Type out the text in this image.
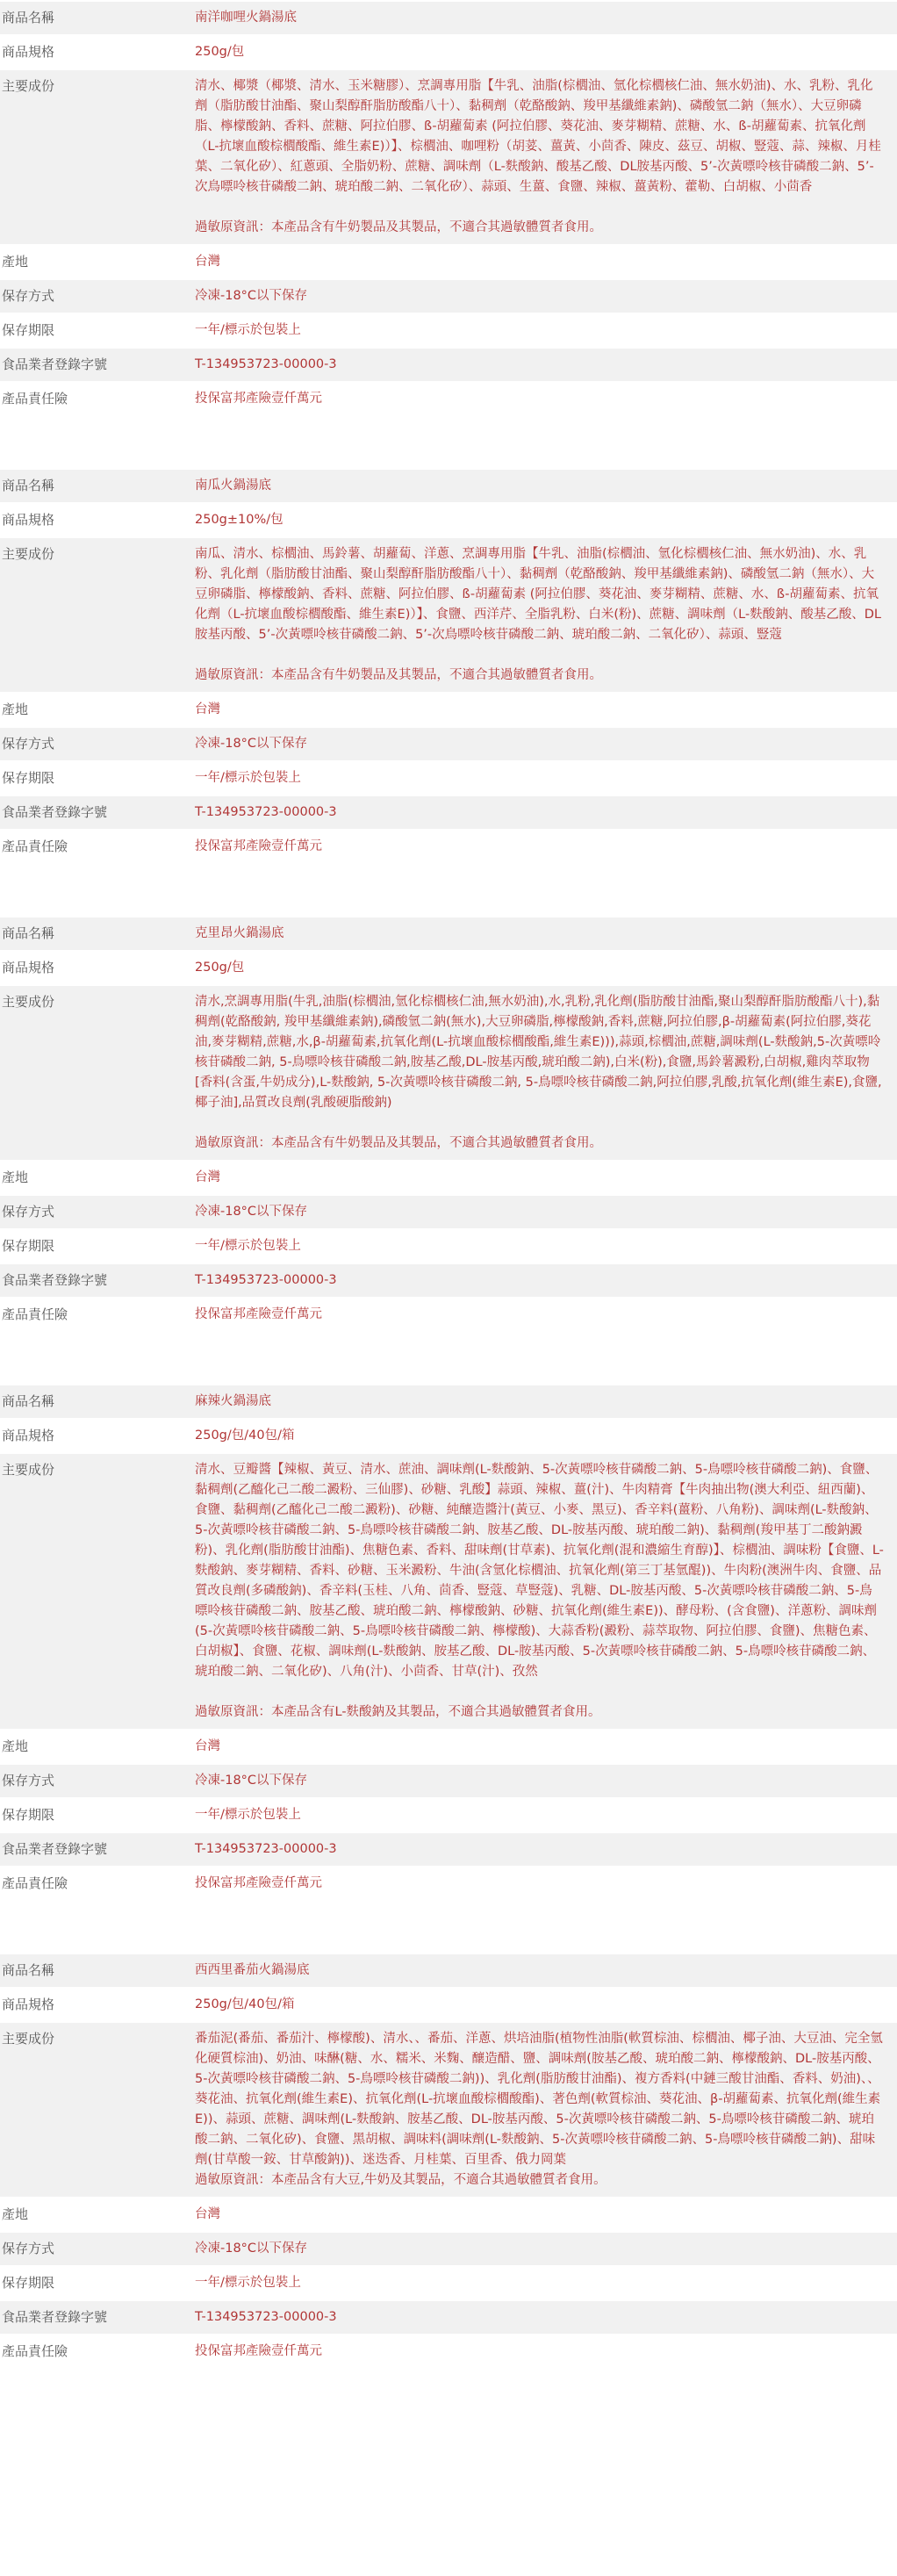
商品名稱	南洋咖哩火鍋湯底
商品規格	250g/包
主要成份	清水、椰漿（椰漿、清水、玉米糖膠）、烹調專用脂【牛乳、油脂(棕櫚油、氫化棕櫚核仁油、無水奶油)、水、乳粉、乳化劑（脂肪酸甘油酯、聚山梨醇酐脂肪酸酯八十）、黏稠劑（乾酪酸鈉、羧甲基纖維素鈉)、磷酸氫二鈉（無水）、大豆卵磷脂、檸檬酸鈉、香料、蔗糖、阿拉伯膠、ß-胡蘿蔔素 (阿拉伯膠、葵花油、麥芽糊精、蔗糖、水、ß-胡蘿蔔素、抗氧化劑（L-抗壞血酸棕櫚酸酯、維生素E)）】、棕櫚油、咖哩粉（胡荽、薑黃、小茴香、陳皮、茲豆、胡椒、豎蔻、蒜、辣椒、月桂葉、二氧化矽）、紅蔥頭、全脂奶粉、蔗糖、調味劑（L-麩酸鈉、酸基乙酸、DL胺基丙酸、5’-次黃嘌呤核苷磷酸二鈉、5’-次鳥嘌呤核苷磷酸二鈉、琥珀酸二鈉、二氧化矽）、蒜頭、生薑、食鹽、辣椒、薑黃粉、藿勒、白胡椒、小茴香

過敏原資訊：本產品含有牛奶製品及其製品，不適合其過敏體質者食用。

產地	台灣
保存方式	冷凍-18°C以下保存
保存期限	一年/標示於包裝上
食品業者登錄字號	T-134953723-00000-3
產品責任險	投保富邦產險壹仟萬元
商品名稱	南瓜火鍋湯底
商品規格	250g±10%/包
主要成份	南瓜、清水、棕櫚油、馬鈴薯、胡蘿蔔、洋蔥、烹調專用脂【牛乳、油脂(棕櫚油、氫化棕櫚核仁油、無水奶油)、水、乳粉、乳化劑（脂肪酸甘油酯、聚山梨醇酐脂肪酸酯八十）、黏稠劑（乾酪酸鈉、羧甲基纖維素鈉)、磷酸氫二鈉（無水）、大豆卵磷脂、檸檬酸鈉、香料、蔗糖、阿拉伯膠、ß-胡蘿蔔素 (阿拉伯膠、葵花油、麥芽糊精、蔗糖、水、ß-胡蘿蔔素、抗氧化劑（L-抗壞血酸棕櫚酸酯、維生素E)）】、食鹽、西洋芹、全脂乳粉、白米(粉)、蔗糖、調味劑（L-麩酸鈉、酸基乙酸、DL胺基丙酸、5’-次黃嘌呤核苷磷酸二鈉、5’-次鳥嘌呤核苷磷酸二鈉、琥珀酸二鈉、二氧化矽）、蒜頭、豎蔻

過敏原資訊：本產品含有牛奶製品及其製品，不適合其過敏體質者食用。

產地	台灣
保存方式	冷凍-18°C以下保存
保存期限	一年/標示於包裝上
食品業者登錄字號	T-134953723-00000-3
產品責任險	投保富邦產險壹仟萬元
商品名稱	克里昂火鍋湯底
商品規格	250g/包
主要成份	清水,烹調專用脂(牛乳,油脂(棕櫚油,氫化棕櫚核仁油,無水奶油),水,乳粉,乳化劑(脂肪酸甘油酯,聚山梨醇酐脂肪酸酯八十),黏稠劑(乾酪酸鈉, 羧甲基纖維素鈉),磷酸氫二鈉(無水),大豆卵磷脂,檸檬酸鈉,香料,蔗糖,阿拉伯膠,β-胡蘿蔔素(阿拉伯膠,葵花油,麥芽糊精,蔗糖,水,β-胡蘿蔔素,抗氧化劑(L-抗壞血酸棕櫚酸酯,維生素E))),蒜頭,棕櫚油,蔗糖,調味劑(L-麩酸鈉,5-次黃嘌呤核苷磷酸二鈉, 5-鳥嘌呤核苷磷酸二鈉,胺基乙酸,DL-胺基丙酸,琥珀酸二鈉),白米(粉),食鹽,馬鈴薯澱粉,白胡椒,雞肉萃取物[香料(含蛋,牛奶成分),L-麩酸鈉, 5-次黃嘌呤核苷磷酸二鈉, 5-鳥嘌呤核苷磷酸二鈉,阿拉伯膠,乳酸,抗氧化劑(維生素E),食鹽,椰子油],品質改良劑(乳酸硬脂酸鈉)

過敏原資訊：本產品含有牛奶製品及其製品，不適合其過敏體質者食用。

產地	台灣
保存方式	冷凍-18°C以下保存
保存期限	一年/標示於包裝上
食品業者登錄字號	T-134953723-00000-3
產品責任險	投保富邦產險壹仟萬元
商品名稱	麻辣火鍋湯底
商品規格	250g/包/40包/箱
主要成份	清水、豆瓣醬【辣椒、黃豆、清水、蔗油、調味劑(L-麩酸鈉、5-次黃嘌呤核苷磷酸二鈉、5-鳥嘌呤核苷磷酸二鈉)、食鹽、黏稠劑(乙醯化己二酸二澱粉、三仙膠)、砂糖、乳酸】蒜頭、辣椒、薑(汁)、牛肉精膏【牛肉抽出物(澳大利亞、紐西蘭)、食鹽、黏稠劑(乙醯化己二酸二澱粉)、砂糖、純釀造醬汁(黃豆、小麥、黑豆)、香辛料(薑粉、八角粉)、調味劑(L-麩酸鈉、5-次黃嘌呤核苷磷酸二鈉、5-鳥嘌呤核苷磷酸二鈉、胺基乙酸、DL-胺基丙酸、琥珀酸二鈉)、黏稠劑(羧甲基丁二酸鈉澱粉)、乳化劑(脂肪酸甘油酯)、焦糖色素、香料、甜味劑(甘草素)、抗氧化劑(混和濃縮生育醇)】、棕櫚油、調味粉【食鹽、L-麩酸鈉、麥芽糊精、香料、砂糖、玉米澱粉、牛油(含氫化棕櫚油、抗氧化劑(第三丁基氫醌))、牛肉粉(澳洲牛肉、食鹽、品質改良劑(多磷酸鈉)、香辛料(玉桂、八角、茴香、豎蔻、草豎蔻)、乳糖、DL-胺基丙酸、5-次黃嘌呤核苷磷酸二鈉、5-鳥嘌呤核苷磷酸二鈉、胺基乙酸、琥珀酸二鈉、檸檬酸鈉、砂糖、抗氧化劑(維生素E))、酵母粉、(含食鹽)、洋蔥粉、調味劑(5-次黃嘌呤核苷磷酸二鈉、5-鳥嘌呤核苷磷酸二鈉、檸檬酸)、大蒜香粉(澱粉、蒜萃取物、阿拉伯膠、食鹽)、焦糖色素、白胡椒】、食鹽、花椒、調味劑(L-麩酸鈉、胺基乙酸、DL-胺基丙酸、5-次黃嘌呤核苷磷酸二鈉、5-鳥嘌呤核苷磷酸二鈉、琥珀酸二鈉、二氧化矽)、八角(汁)、小茴香、甘草(汁)、孜然

過敏原資訊：本產品含有L-麩酸鈉及其製品，不適合其過敏體質者食用。

產地	台灣
保存方式	冷凍-18°C以下保存
保存期限	一年/標示於包裝上
食品業者登錄字號	T-134953723-00000-3
產品責任險	投保富邦產險壹仟萬元
商品名稱	西西里番茄火鍋湯底
商品規格	250g/包/40包/箱
主要成份	番茄泥(番茄、番茄汁、檸檬酸)、清水、、番茄、洋蔥、烘培油脂(植物性油脂(軟質棕油、棕櫚油、椰子油、大豆油、完全氫化硬質棕油)、奶油、味醂(糖、水、糯米、米麴、釀造醋、鹽、調味劑(胺基乙酸、琥珀酸二鈉、檸檬酸鈉、DL-胺基丙酸、5-次黃嘌呤核苷磷酸二鈉、5-鳥嘌呤核苷磷酸二鈉))、乳化劑(脂肪酸甘油酯)、複方香料(中鏈三酸甘油酯、香料、奶油)、、葵花油、抗氧化劑(維生素E)、抗氧化劑(L-抗壞血酸棕櫚酸酯)、著色劑(軟質棕油、葵花油、β-胡蘿蔔素、抗氧化劑(維生素E))、蒜頭、蔗糖、調味劑(L-麩酸鈉、胺基乙酸、DL-胺基丙酸、5-次黃嘌呤核苷磷酸二鈉、5-鳥嘌呤核苷磷酸二鈉、琥珀酸二鈉、二氧化矽)、食鹽、黑胡椒、調味料(調味劑(L-麩酸鈉、5-次黃嘌呤核苷磷酸二鈉、5-鳥嘌呤核苷磷酸二鈉)、甜味劑(甘草酸一銨、甘草酸鈉))、迷迭香、月桂葉、百里香、俄力岡葉

過敏原資訊：本產品含有大豆,牛奶及其製品，不適合其過敏體質者食用。

產地	台灣
保存方式	冷凍-18°C以下保存
保存期限	一年/標示於包裝上
食品業者登錄字號	T-134953723-00000-3
產品責任險	投保富邦產險壹仟萬元
